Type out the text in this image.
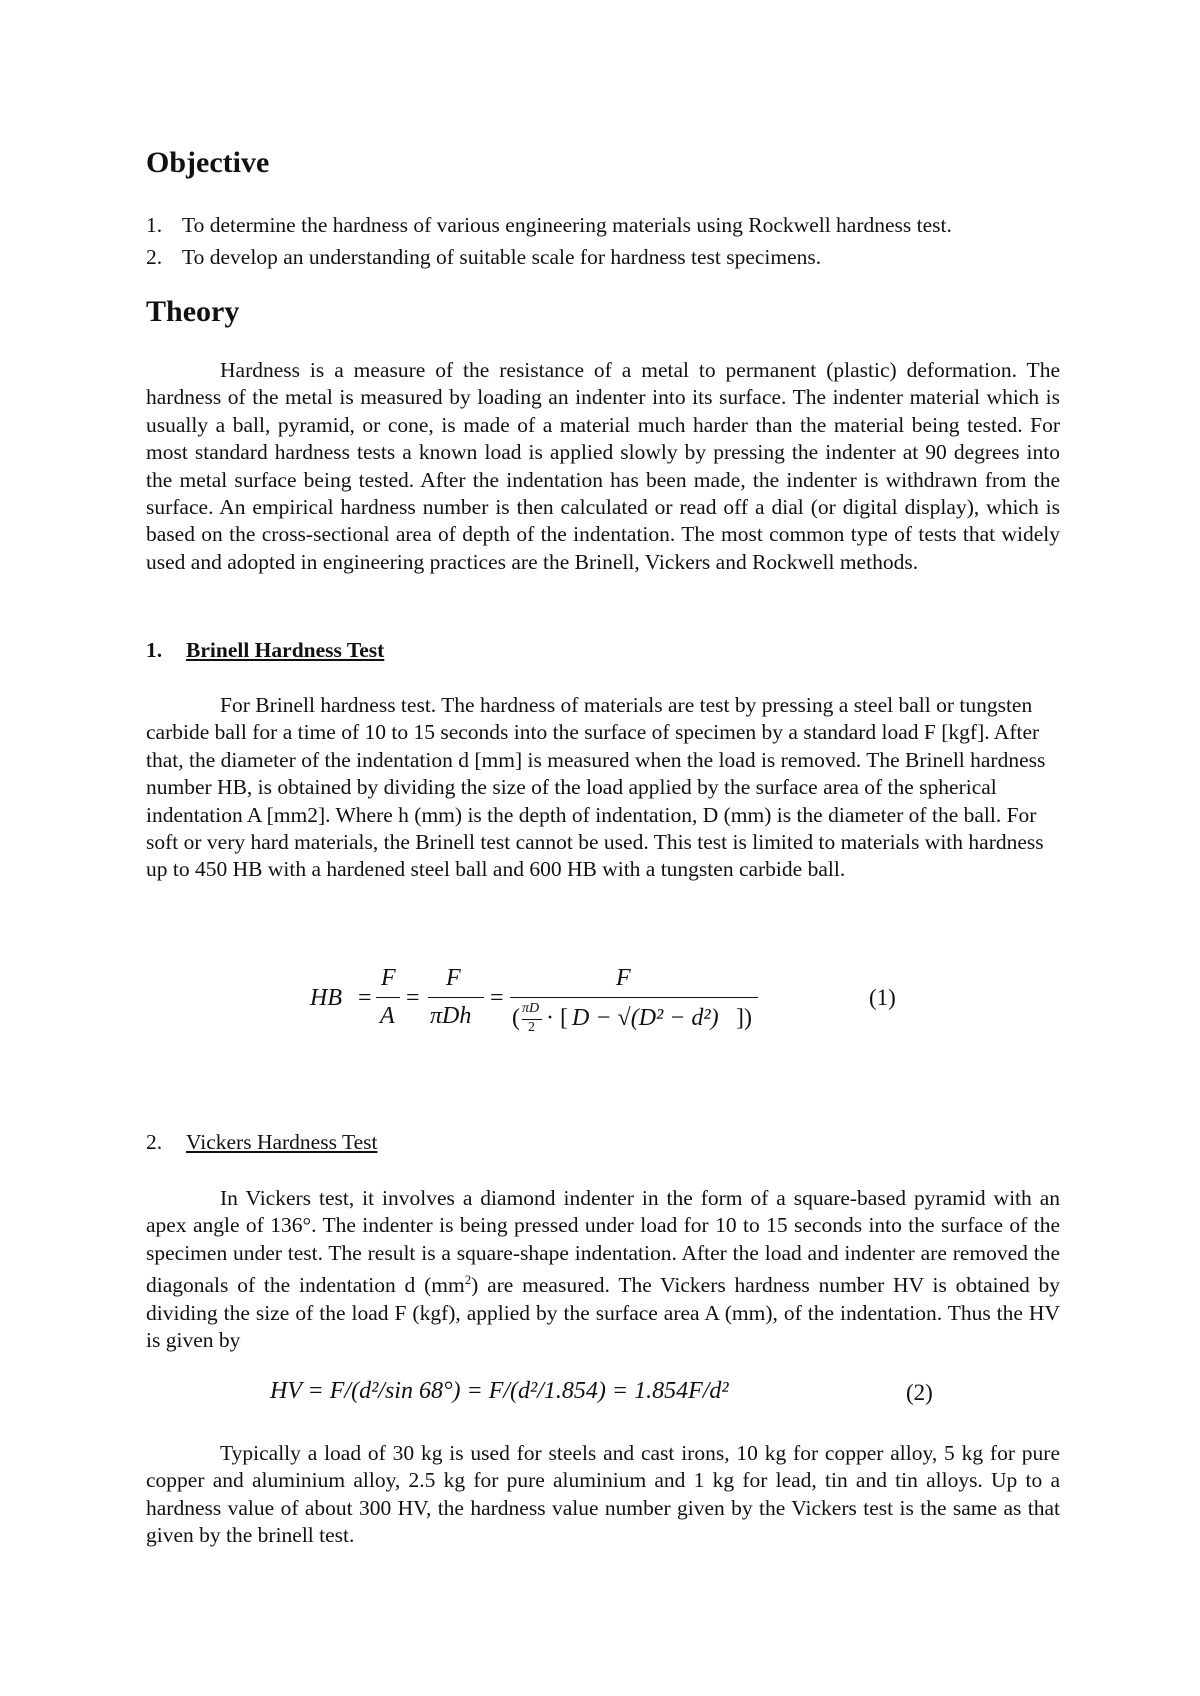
Objective
1. To determine the hardness of various engineering materials using Rockwell hardness test.
2. To develop an understanding of suitable scale for hardness test specimens.
Theory

Hardness is a measure of the resistance of a metal to permanent (plastic) deformation. The hardness of the metal is measured by loading an indenter into its surface. The indenter material which is usually a ball, pyramid, or cone, is made of a material much harder than the material being tested. For most standard hardness tests a known load is applied slowly by pressing the indenter at 90 degrees into the metal surface being tested. After the indentation has been made, the indenter is withdrawn from the surface. An empirical hardness number is then calculated or read off a dial (or digital display), which is based on the cross-sectional area of depth of the indentation. The most common type of tests that widely used and adopted in engineering practices are the Brinell, Vickers and Rockwell methods.

1. Brinell Hardness Test

For Brinell hardness test. The hardness of materials are test by pressing a steel ball or tungsten carbide ball for a time of 10 to 15 seconds into the surface of specimen by a standard load F [kgf]. After that, the diameter of the indentation d [mm] is measured when the load is removed. The Brinell hardness number HB, is obtained by dividing the size of the load applied by the surface area of the spherical indentation A [mm2]. Where h (mm) is the depth of indentation, D (mm) is the diameter of the ball. For soft or very hard materials, the Brinell test cannot be used. This test is limited to materials with hardness up to 450 HB with a hardened steel ball and 600 HB with a tungsten carbide ball.

HB =
F
A
=
F
πDh
=
F
( πD
2 · [ D − √(D² − d²) ])
(1)
2. Vickers Hardness Test

In Vickers test, it involves a diamond indenter in the form of a square-based pyramid with an apex angle of 136°. The indenter is being pressed under load for 10 to 15 seconds into the surface of the specimen under test. The result is a square-shape indentation. After the load and indenter are removed the diagonals of the indentation d $(mm^2)$ are measured. The Vickers hardness number HV is obtained by dividing the size of the load F (kgf), applied by the surface area A (mm), of the indentation. Thus the HV is given by

HV = F/(d²/sin 68°) = F/(d²/1.854) = 1.854F/d²	(2)

Typically a load of 30 kg is used for steels and cast irons, 10 kg for copper alloy, 5 kg for pure copper and aluminium alloy, 2.5 kg for pure aluminium and 1 kg for lead, tin and tin alloys. Up to a hardness value of about 300 HV, the hardness value number given by the Vickers test is the same as that given by the brinell test.
